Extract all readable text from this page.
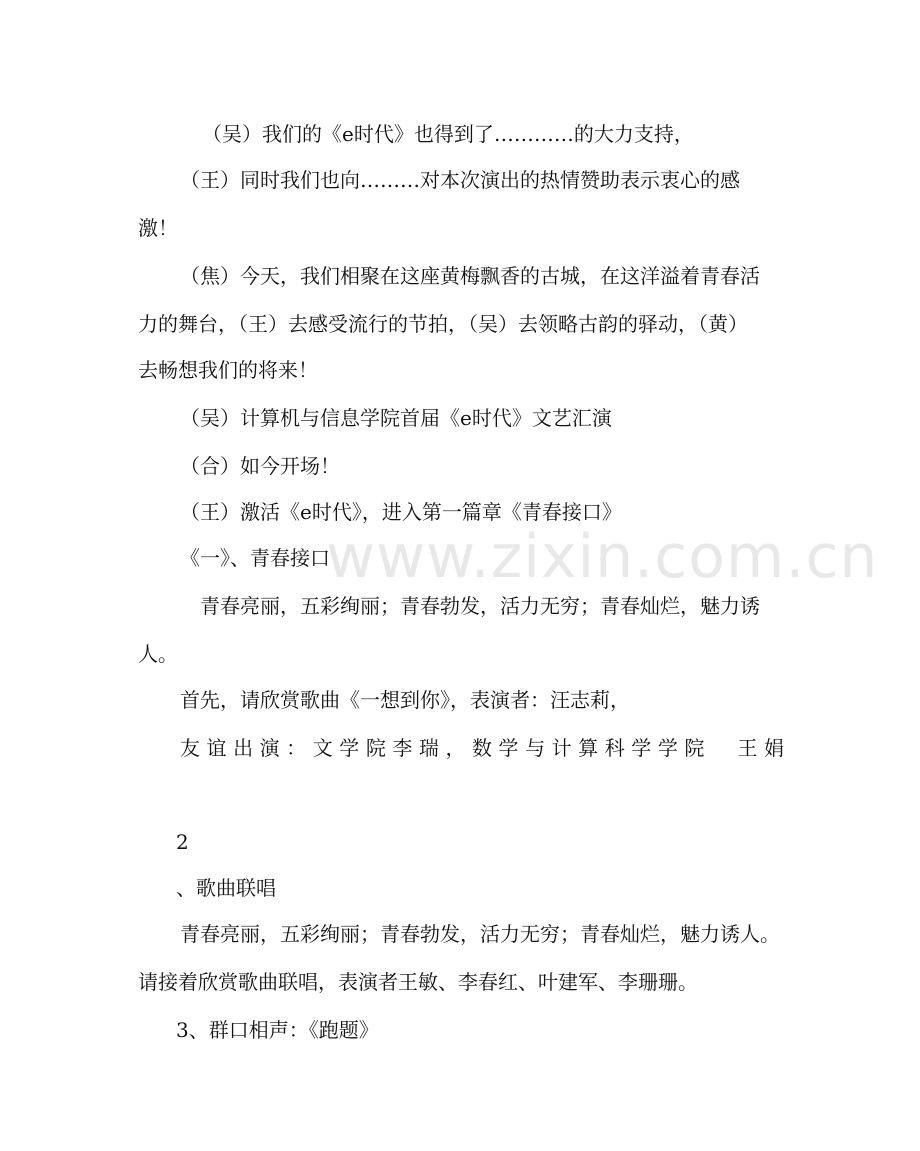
www.zixin.com.cn

（吴）我们的《e时代》也得到了…………的大力支持，

（王）同时我们也向………对本次演出的热情赞助表示衷心的感

激！

（焦）今天，我们相聚在这座黄梅飘香的古城，在这洋溢着青春活

力的舞台，（王）去感受流行的节拍，（吴）去领略古韵的驿动，（黄）

去畅想我们的将来！

（吴）计算机与信息学院首届《e时代》文艺汇演

（合）如今开场！

（王）激活《e时代》，进入第一篇章《青春接口》

《一》、青春接口

青春亮丽，五彩绚丽；青春勃发，活力无穷；青春灿烂，魅力诱

人。

首先，请欣赏歌曲《一想到你》，表演者：汪志莉，

友谊出演：文学院李瑞，数学与计算科学学院　王娟

2

、歌曲联唱

青春亮丽，五彩绚丽；青春勃发，活力无穷；青春灿烂，魅力诱人。

请接着欣赏歌曲联唱，表演者王敏、李春红、叶建军、李珊珊。

3、群口相声：《跑题》
